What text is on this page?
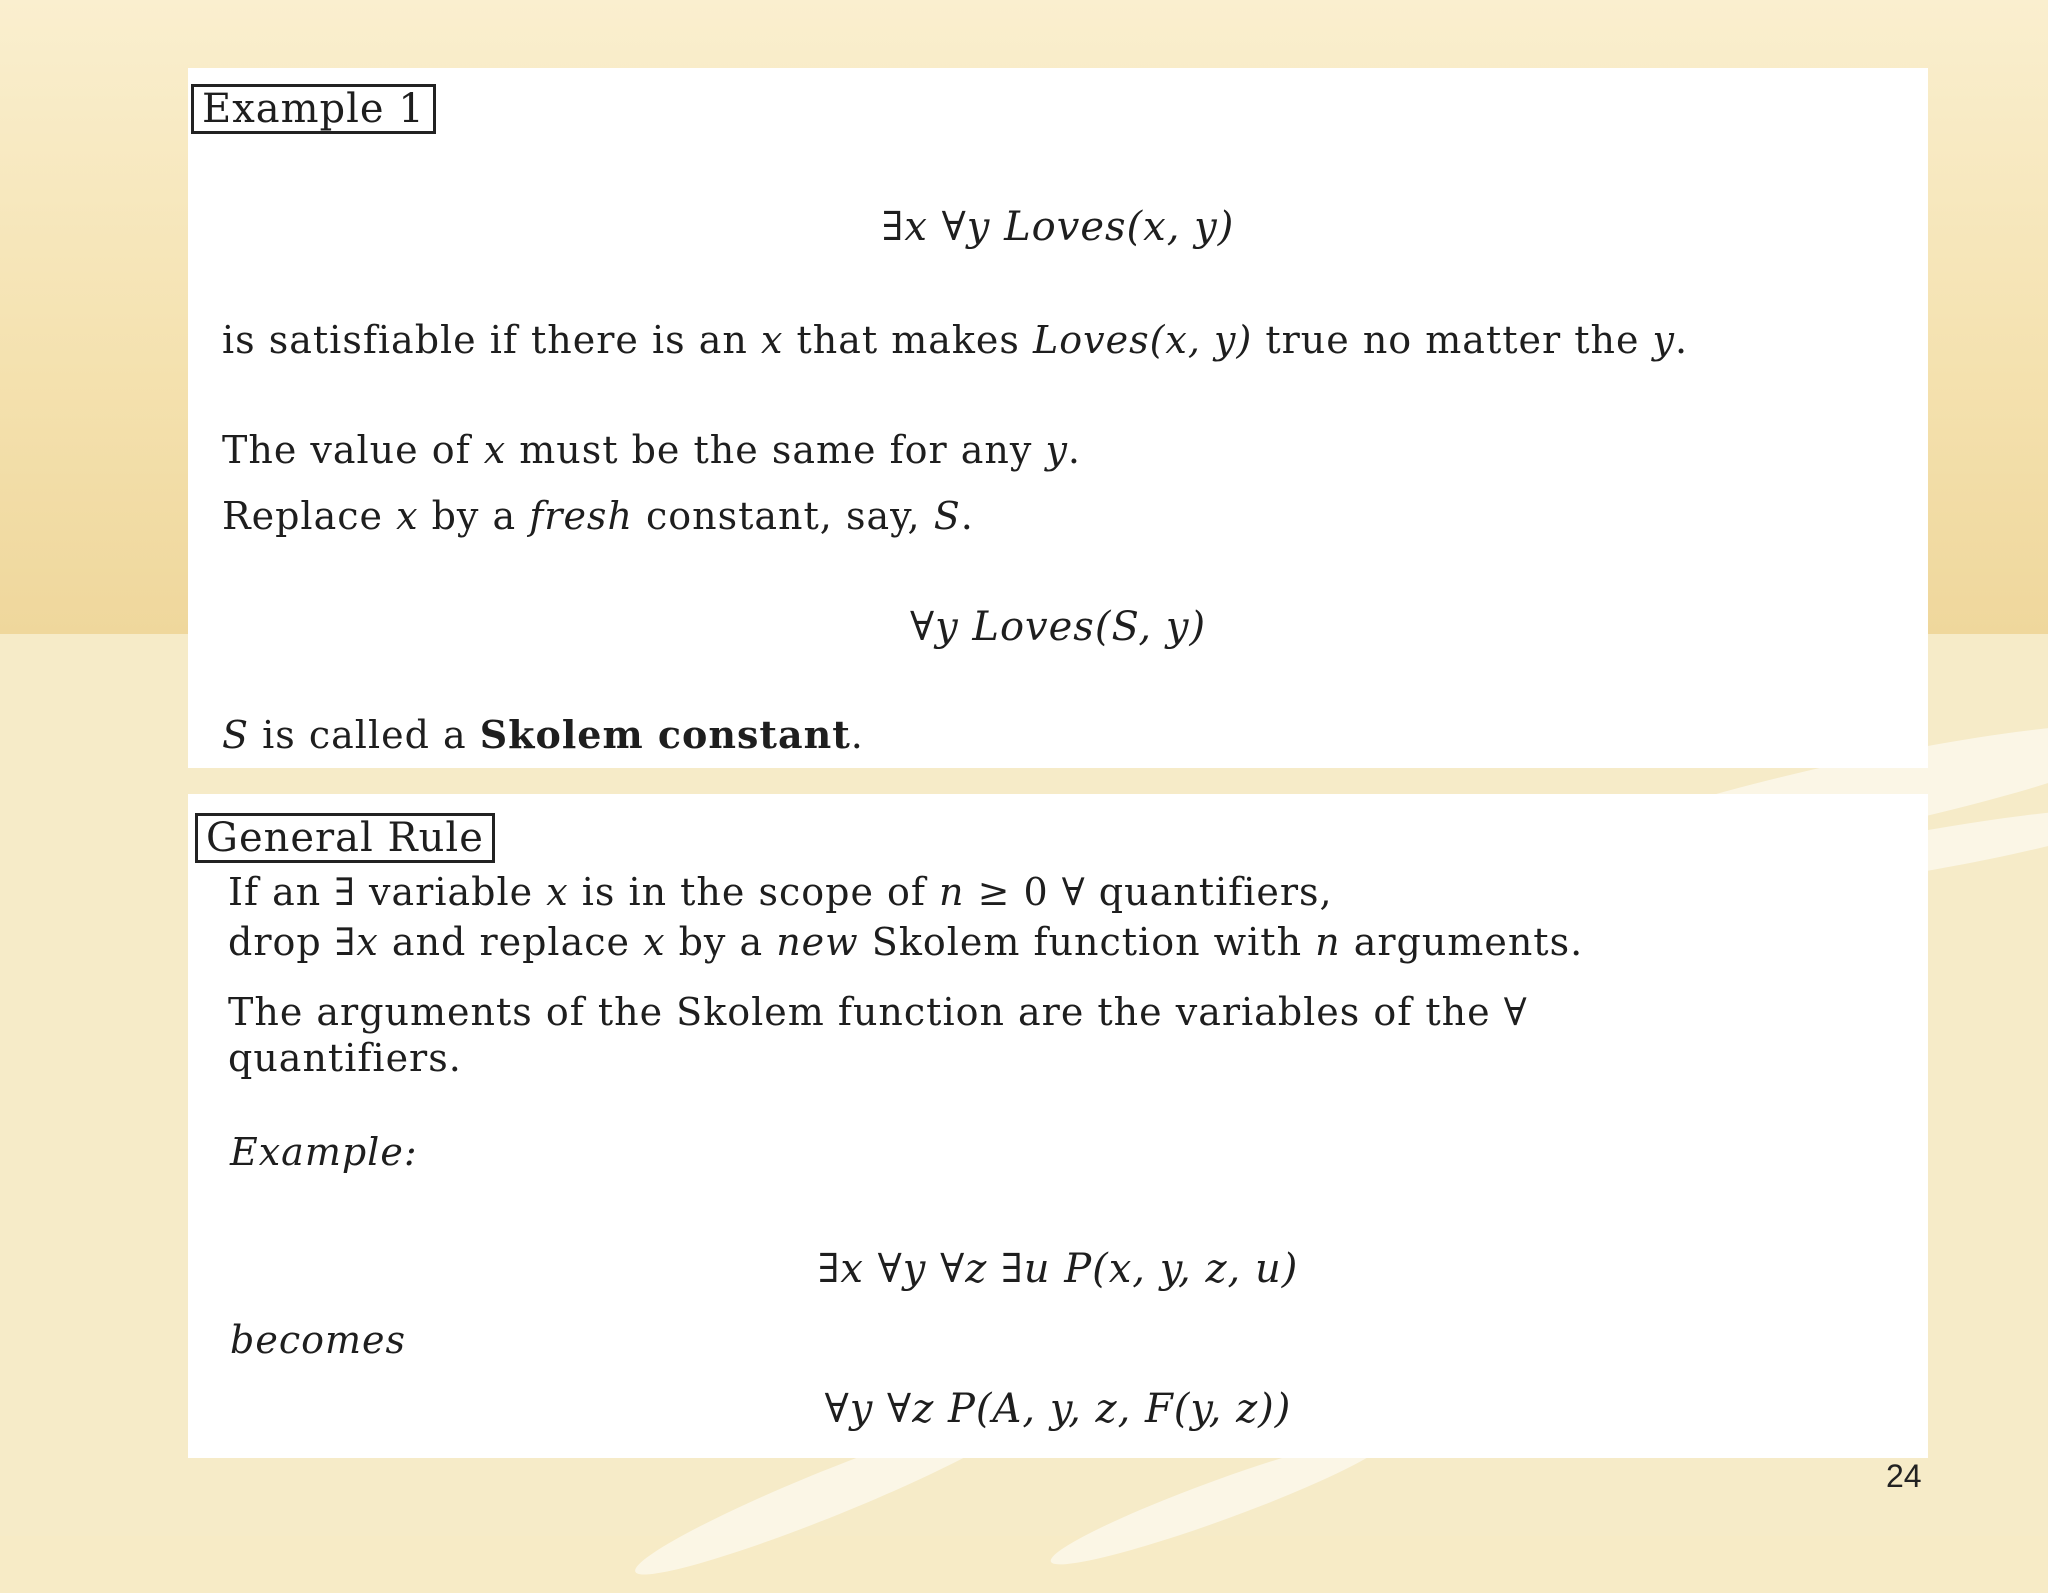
Example 1
∃x ∀y Loves(x, y)
is satisfiable if there is an x that makes Loves(x, y) true no matter the y.
The value of x must be the same for any y.
Replace x by a fresh constant, say, S.
∀y Loves(S, y)
S is called a Skolem constant.
General Rule
If an ∃ variable x is in the scope of n ≥ 0 ∀ quantifiers,
drop ∃x and replace x by a new Skolem function with n arguments.
The arguments of the Skolem function are the variables of the ∀
quantifiers.
Example:
∃x ∀y ∀z ∃u P(x, y, z, u)
becomes
∀y ∀z P(A, y, z, F(y, z))
24
